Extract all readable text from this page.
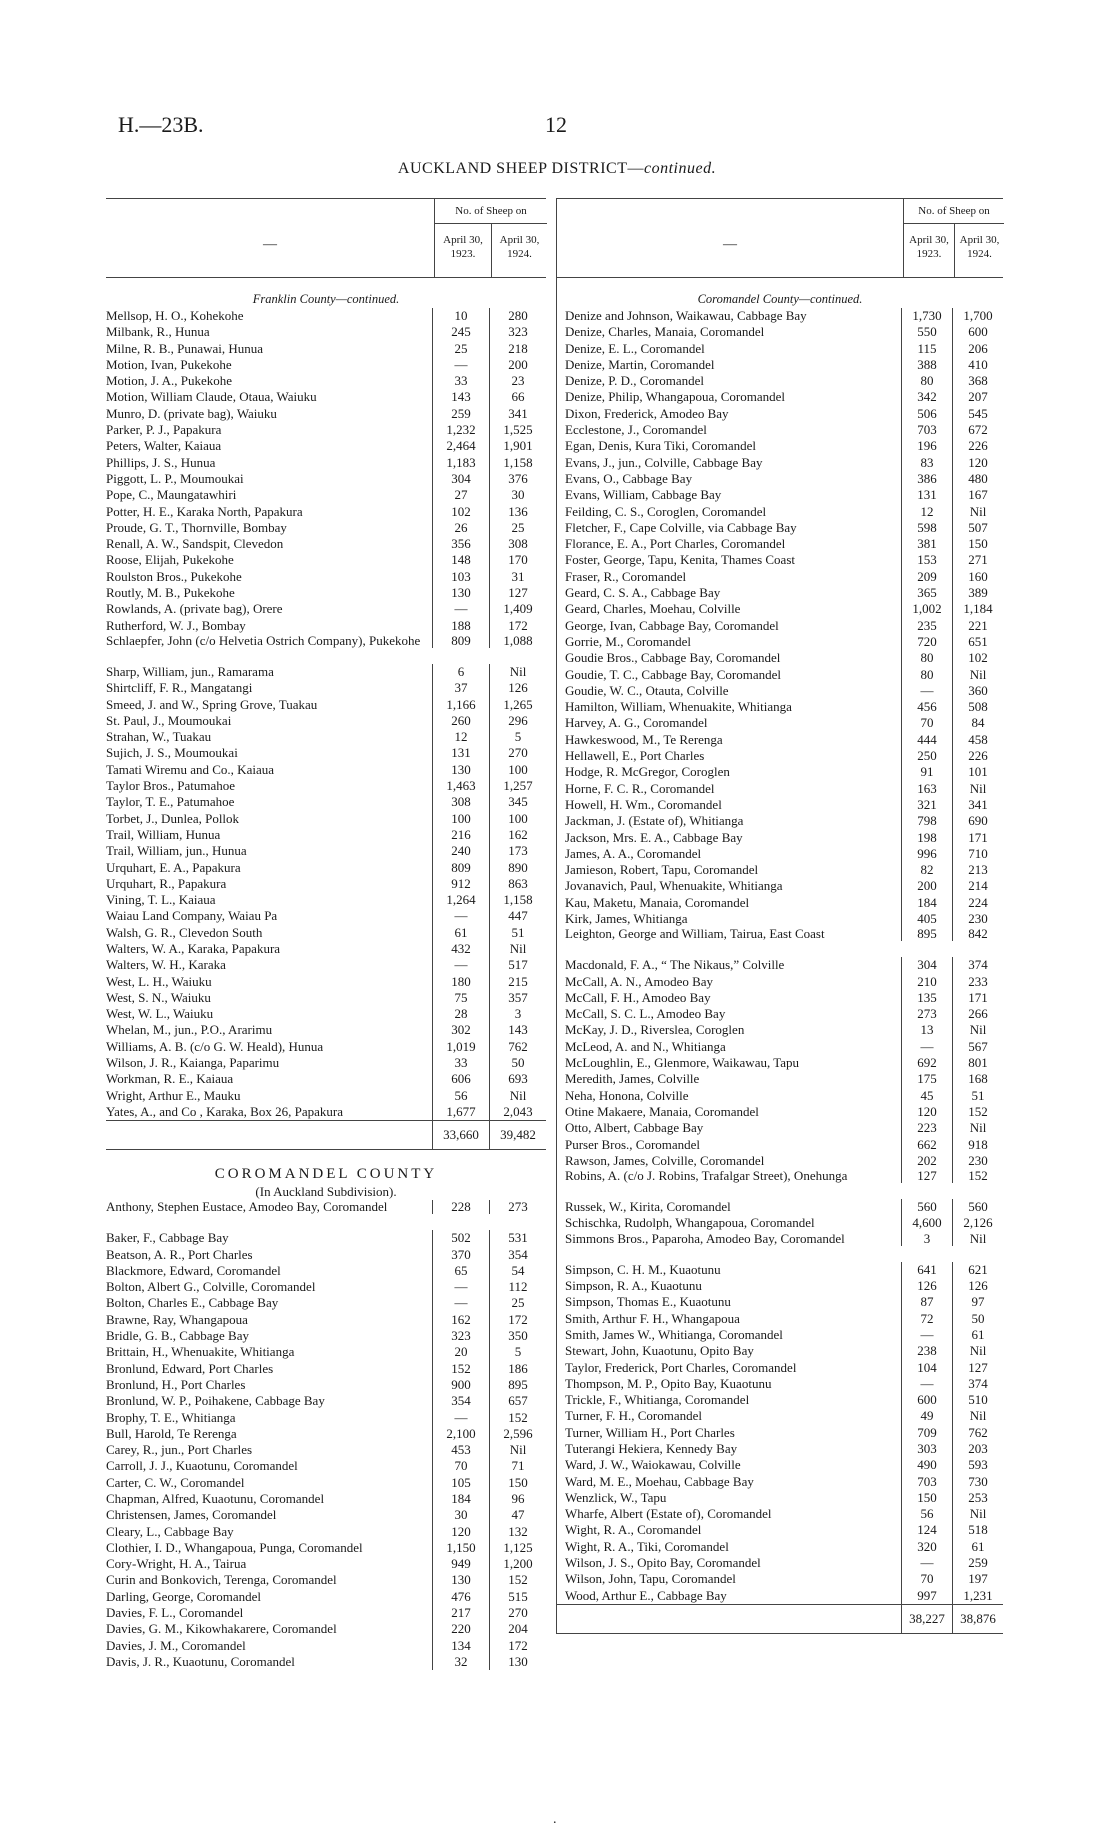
H.—23B.	12
AUCKLAND SHEEP DISTRICT—continued.
—
No. of Sheep on
April 30, 1923.
April 30, 1924.
Franklin County—continued.
Mellsop, H. O., Kohekohe	10	280
Milbank, R., Hunua	245	323
Milne, R. B., Punawai, Hunua	25	218
Motion, Ivan, Pukekohe	—	200
Motion, J. A., Pukekohe	33	23
Motion, William Claude, Otaua, Waiuku	143	66
Munro, D. (private bag), Waiuku	259	341
Parker, P. J., Papakura	1,232	1,525
Peters, Walter, Kaiaua	2,464	1,901
Phillips, J. S., Hunua	1,183	1,158
Piggott, L. P., Moumoukai	304	376
Pope, C., Maungatawhiri	27	30
Potter, H. E., Karaka North, Papakura	102	136
Proude, G. T., Thornville, Bombay	26	25
Renall, A. W., Sandspit, Clevedon	356	308
Roose, Elijah, Pukekohe	148	170
Roulston Bros., Pukekohe	103	31
Routly, M. B., Pukekohe	130	127
Rowlands, A. (private bag), Orere	—	1,409
Rutherford, W. J., Bombay	188	172
Schlaepfer, John (c/o Helvetia Ostrich Company), Pukekohe	809	1,088
Sharp, William, jun., Ramarama	6	Nil
Shirtcliff, F. R., Mangatangi	37	126
Smeed, J. and W., Spring Grove, Tuakau	1,166	1,265
St. Paul, J., Moumoukai	260	296
Strahan, W., Tuakau	12	5
Sujich, J. S., Moumoukai	131	270
Tamati Wiremu and Co., Kaiaua	130	100
Taylor Bros., Patumahoe	1,463	1,257
Taylor, T. E., Patumahoe	308	345
Torbet, J., Dunlea, Pollok	100	100
Trail, William, Hunua	216	162
Trail, William, jun., Hunua	240	173
Urquhart, E. A., Papakura	809	890
Urquhart, R., Papakura	912	863
Vining, T. L., Kaiaua	1,264	1,158
Waiau Land Company, Waiau Pa	—	447
Walsh, G. R., Clevedon South	61	51
Walters, W. A., Karaka, Papakura	432	Nil
Walters, W. H., Karaka	—	517
West, L. H., Waiuku	180	215
West, S. N., Waiuku	75	357
West, W. L., Waiuku	28	3
Whelan, M., jun., P.O., Ararimu	302	143
Williams, A. B. (c/o G. W. Heald), Hunua	1,019	762
Wilson, J. R., Kaianga, Paparimu	33	50
Workman, R. E., Kaiaua	606	693
Wright, Arthur E., Mauku	56	Nil
Yates, A., and Co , Karaka, Box 26, Papakura	1,677	2,043
33,660	39,482
COROMANDEL COUNTY
(In Auckland Subdivision).
Anthony, Stephen Eustace, Amodeo Bay, Coromandel	228	273
Baker, F., Cabbage Bay	502	531
Beatson, A. R., Port Charles	370	354
Blackmore, Edward, Coromandel	65	54
Bolton, Albert G., Colville, Coromandel	—	112
Bolton, Charles E., Cabbage Bay	—	25
Brawne, Ray, Whangapoua	162	172
Bridle, G. B., Cabbage Bay	323	350
Brittain, H., Whenuakite, Whitianga	20	5
Bronlund, Edward, Port Charles	152	186
Bronlund, H., Port Charles	900	895
Bronlund, W. P., Poihakene, Cabbage Bay	354	657
Brophy, T. E., Whitianga	—	152
Bull, Harold, Te Rerenga	2,100	2,596
Carey, R., jun., Port Charles	453	Nil
Carroll, J. J., Kuaotunu, Coromandel	70	71
Carter, C. W., Coromandel	105	150
Chapman, Alfred, Kuaotunu, Coromandel	184	96
Christensen, James, Coromandel	30	47
Cleary, L., Cabbage Bay	120	132
Clothier, I. D., Whangapoua, Punga, Coromandel	1,150	1,125
Cory-Wright, H. A., Tairua	949	1,200
Curin and Bonkovich, Terenga, Coromandel	130	152
Darling, George, Coromandel	476	515
Davies, F. L., Coromandel	217	270
Davies, G. M., Kikowhakarere, Coromandel	220	204
Davies, J. M., Coromandel	134	172
Davis, J. R., Kuaotunu, Coromandel	32	130
—
No. of Sheep on
April 30, 1923.
April 30, 1924.
Coromandel County—continued.
Denize and Johnson, Waikawau, Cabbage Bay	1,730	1,700
Denize, Charles, Manaia, Coromandel	550	600
Denize, E. L., Coromandel	115	206
Denize, Martin, Coromandel	388	410
Denize, P. D., Coromandel	80	368
Denize, Philip, Whangapoua, Coromandel	342	207
Dixon, Frederick, Amodeo Bay	506	545
Ecclestone, J., Coromandel	703	672
Egan, Denis, Kura Tiki, Coromandel	196	226
Evans, J., jun., Colville, Cabbage Bay	83	120
Evans, O., Cabbage Bay	386	480
Evans, William, Cabbage Bay	131	167
Feilding, C. S., Coroglen, Coromandel	12	Nil
Fletcher, F., Cape Colville, via Cabbage Bay	598	507
Florance, E. A., Port Charles, Coromandel	381	150
Foster, George, Tapu, Kenita, Thames Coast	153	271
Fraser, R., Coromandel	209	160
Geard, C. S. A., Cabbage Bay	365	389
Geard, Charles, Moehau, Colville	1,002	1,184
George, Ivan, Cabbage Bay, Coromandel	235	221
Gorrie, M., Coromandel	720	651
Goudie Bros., Cabbage Bay, Coromandel	80	102
Goudie, T. C., Cabbage Bay, Coromandel	80	Nil
Goudie, W. C., Otauta, Colville	—	360
Hamilton, William, Whenuakite, Whitianga	456	508
Harvey, A. G., Coromandel	70	84
Hawkeswood, M., Te Rerenga	444	458
Hellawell, E., Port Charles	250	226
Hodge, R. McGregor, Coroglen	91	101
Horne, F. C. R., Coromandel	163	Nil
Howell, H. Wm., Coromandel	321	341
Jackman, J. (Estate of), Whitianga	798	690
Jackson, Mrs. E. A., Cabbage Bay	198	171
James, A. A., Coromandel	996	710
Jamieson, Robert, Tapu, Coromandel	82	213
Jovanavich, Paul, Whenuakite, Whitianga	200	214
Kau, Maketu, Manaia, Coromandel	184	224
Kirk, James, Whitianga	405	230
Leighton, George and William, Tairua, East Coast	895	842
Macdonald, F. A., “ The Nikaus,” Colville	304	374
McCall, A. N., Amodeo Bay	210	233
McCall, F. H., Amodeo Bay	135	171
McCall, S. C. L., Amodeo Bay	273	266
McKay, J. D., Riverslea, Coroglen	13	Nil
McLeod, A. and N., Whitianga	—	567
McLoughlin, E., Glenmore, Waikawau, Tapu	692	801
Meredith, James, Colville	175	168
Neha, Honona, Colville	45	51
Otine Makaere, Manaia, Coromandel	120	152
Otto, Albert, Cabbage Bay	223	Nil
Purser Bros., Coromandel	662	918
Rawson, James, Colville, Coromandel	202	230
Robins, A. (c/o J. Robins, Trafalgar Street), Onehunga	127	152
Russek, W., Kirita, Coromandel	560	560
Schischka, Rudolph, Whangapoua, Coromandel	4,600	2,126
Simmons Bros., Paparoha, Amodeo Bay, Coromandel	3	Nil
Simpson, C. H. M., Kuaotunu	641	621
Simpson, R. A., Kuaotunu	126	126
Simpson, Thomas E., Kuaotunu	87	97
Smith, Arthur F. H., Whangapoua	72	50
Smith, James W., Whitianga, Coromandel	—	61
Stewart, John, Kuaotunu, Opito Bay	238	Nil
Taylor, Frederick, Port Charles, Coromandel	104	127
Thompson, M. P., Opito Bay, Kuaotunu	—	374
Trickle, F., Whitianga, Coromandel	600	510
Turner, F. H., Coromandel	49	Nil
Turner, William H., Port Charles	709	762
Tuterangi Hekiera, Kennedy Bay	303	203
Ward, J. W., Waiokawau, Colville	490	593
Ward, M. E., Moehau, Cabbage Bay	703	730
Wenzlick, W., Tapu	150	253
Wharfe, Albert (Estate of), Coromandel	56	Nil
Wight, R. A., Coromandel	124	518
Wight, R. A., Tiki, Coromandel	320	61
Wilson, J. S., Opito Bay, Coromandel	—	259
Wilson, John, Tapu, Coromandel	70	197
Wood, Arthur E., Cabbage Bay	997	1,231
38,227	38,876
.
